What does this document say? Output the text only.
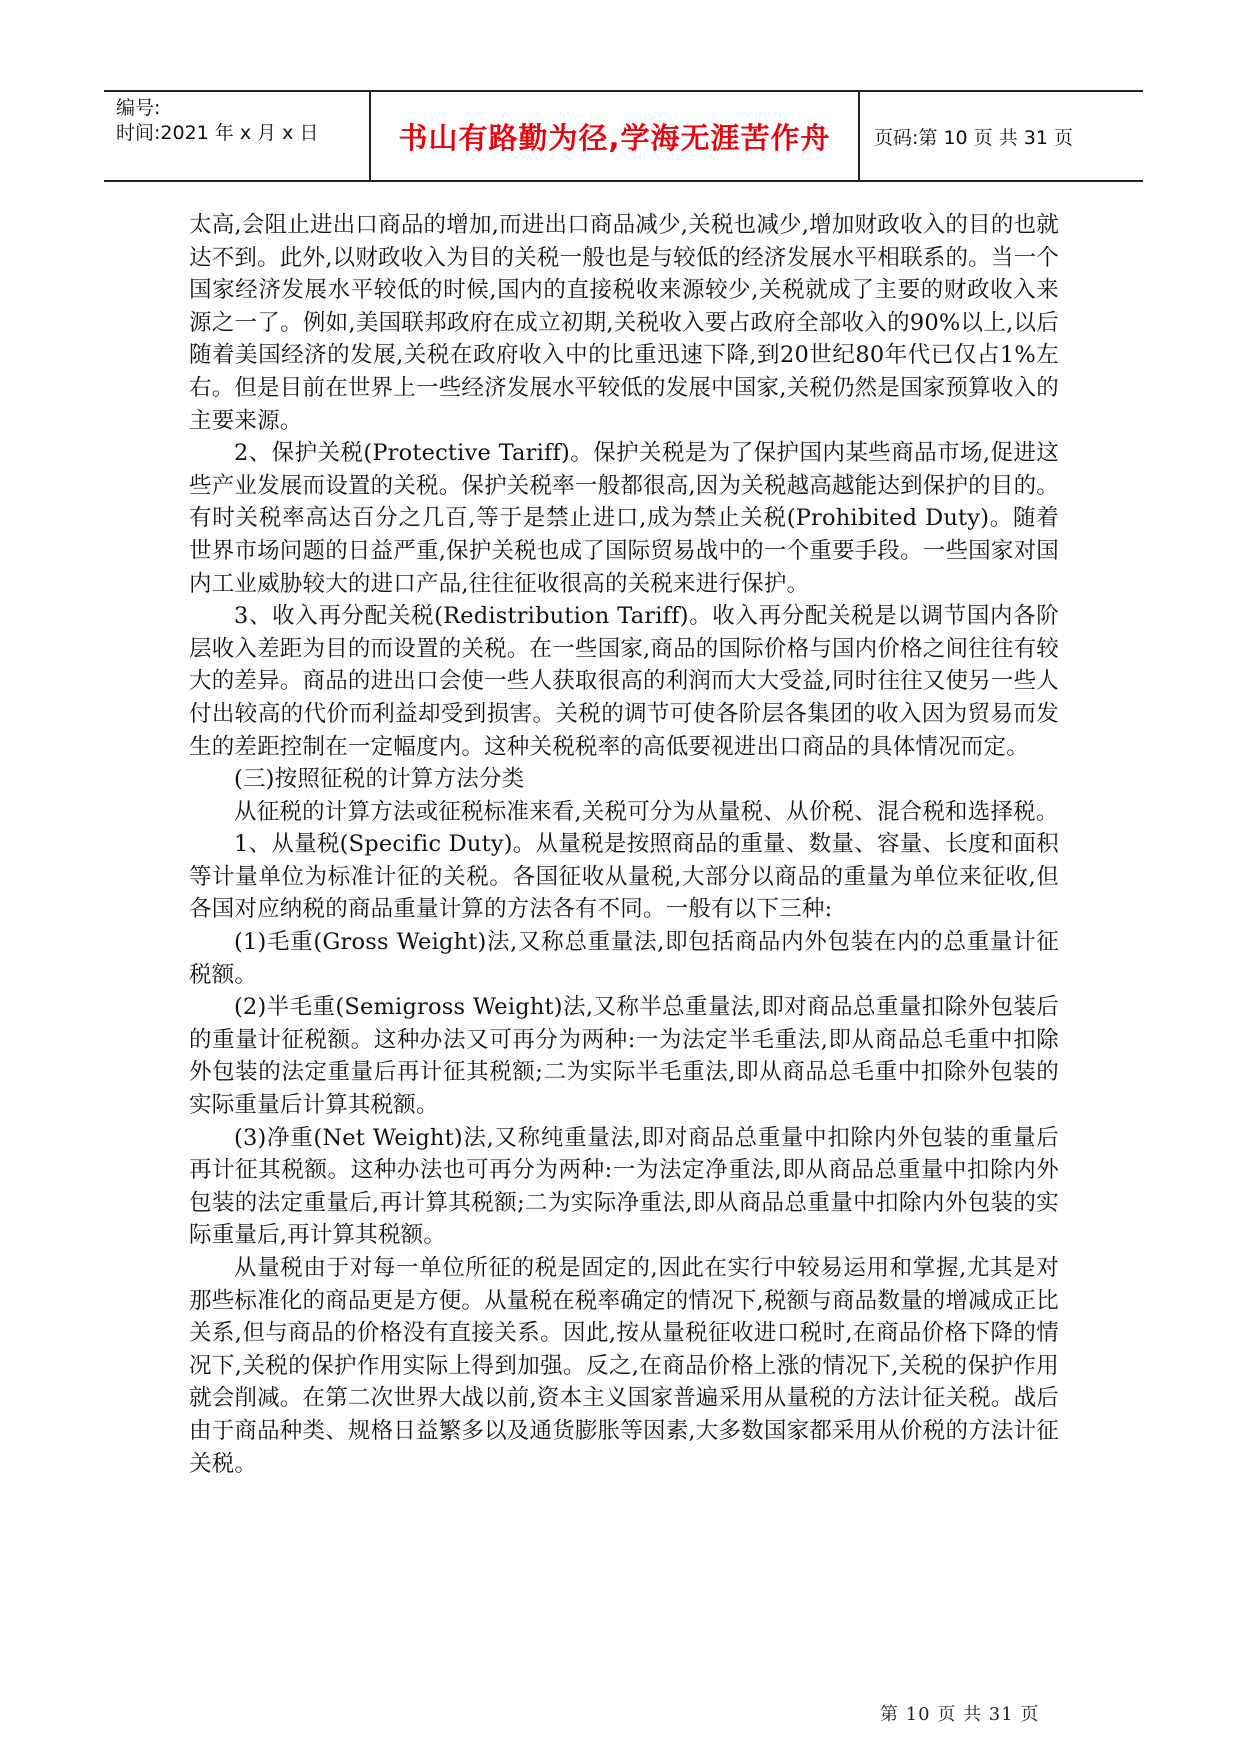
编号:
时间:2021 年 x 月 x 日	书山有路勤为径,学海无涯苦作舟	页码:第 10 页 共 31 页

太高,会阻止进出口商品的增加,而进出口商品减少,关税也减少,增加财政收入的目的也就达不到。此外,以财政收入为目的关税一般也是与较低的经济发展水平相联系的。当一个国家经济发展水平较低的时候,国内的直接税收来源较少,关税就成了主要的财政收入来源之一了。例如,美国联邦政府在成立初期,关税收入要占政府全部收入的90%以上,以后随着美国经济的发展,关税在政府收入中的比重迅速下降,到20世纪80年代已仅占1%左右。但是目前在世界上一些经济发展水平较低的发展中国家,关税仍然是国家预算收入的主要来源。

2、保护关税(Protective Tariff)。保护关税是为了保护国内某些商品市场,促进这些产业发展而设置的关税。保护关税率一般都很高,因为关税越高越能达到保护的目的。有时关税率高达百分之几百,等于是禁止进口,成为禁止关税(Prohibited Duty)。随着世界市场问题的日益严重,保护关税也成了国际贸易战中的一个重要手段。一些国家对国内工业威胁较大的进口产品,往往征收很高的关税来进行保护。

3、收入再分配关税(Redistribution Tariff)。收入再分配关税是以调节国内各阶层收入差距为目的而设置的关税。在一些国家,商品的国际价格与国内价格之间往往有较大的差异。商品的进出口会使一些人获取很高的利润而大大受益,同时往往又使另一些人付出较高的代价而利益却受到损害。关税的调节可使各阶层各集团的收入因为贸易而发生的差距控制在一定幅度内。这种关税税率的高低要视进出口商品的具体情况而定。

(三)按照征税的计算方法分类

从征税的计算方法或征税标准来看,关税可分为从量税、从价税、混合税和选择税。

1、从量税(Specific Duty)。从量税是按照商品的重量、数量、容量、长度和面积等计量单位为标准计征的关税。各国征收从量税,大部分以商品的重量为单位来征收,但各国对应纳税的商品重量计算的方法各有不同。一般有以下三种:

(1)毛重(Gross Weight)法,又称总重量法,即包括商品内外包装在内的总重量计征税额。

(2)半毛重(Semigross Weight)法,又称半总重量法,即对商品总重量扣除外包装后的重量计征税额。这种办法又可再分为两种:一为法定半毛重法,即从商品总毛重中扣除外包装的法定重量后再计征其税额;二为实际半毛重法,即从商品总毛重中扣除外包装的实际重量后计算其税额。

(3)净重(Net Weight)法,又称纯重量法,即对商品总重量中扣除内外包装的重量后再计征其税额。这种办法也可再分为两种:一为法定净重法,即从商品总重量中扣除内外包装的法定重量后,再计算其税额;二为实际净重法,即从商品总重量中扣除内外包装的实际重量后,再计算其税额。

从量税由于对每一单位所征的税是固定的,因此在实行中较易运用和掌握,尤其是对那些标准化的商品更是方便。从量税在税率确定的情况下,税额与商品数量的增减成正比关系,但与商品的价格没有直接关系。因此,按从量税征收进口税时,在商品价格下降的情况下,关税的保护作用实际上得到加强。反之,在商品价格上涨的情况下,关税的保护作用就会削减。在第二次世界大战以前,资本主义国家普遍采用从量税的方法计征关税。战后由于商品种类、规格日益繁多以及通货膨胀等因素,大多数国家都采用从价税的方法计征关税。

第 10 页 共 31 页
